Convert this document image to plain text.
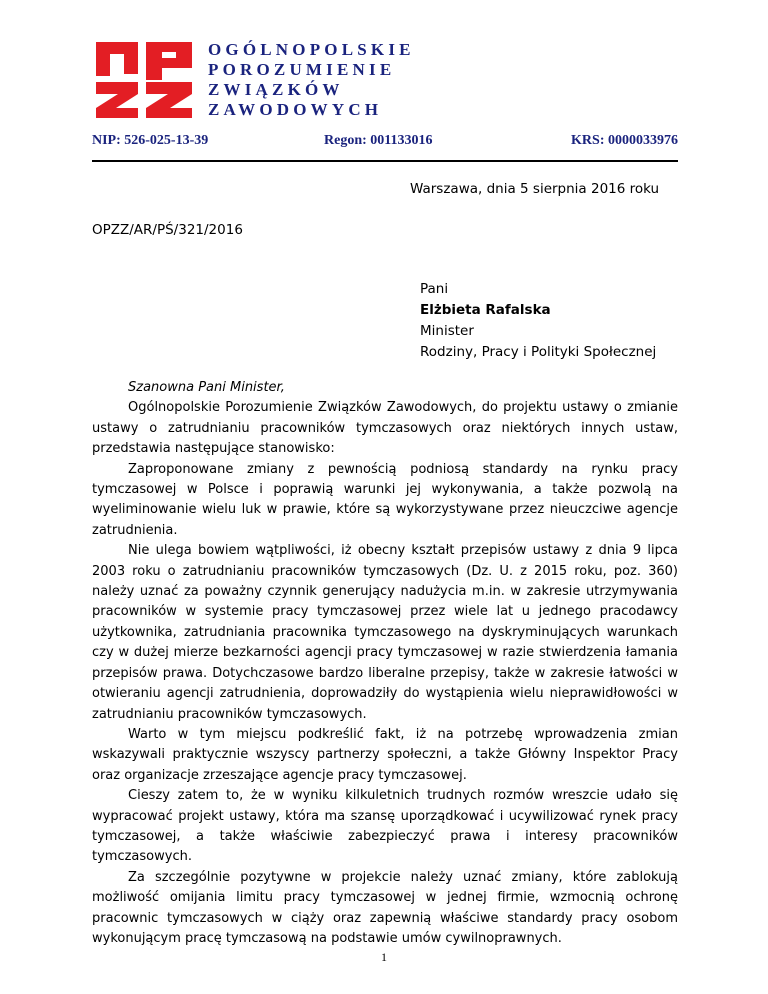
OGÓLNOPOLSKIE
POROZUMIENIE
ZWIĄZKÓW
ZAWODOWYCH
NIP: 526-025-13-39	Regon: 001133016	KRS: 0000033976
Warszawa, dnia 5 sierpnia 2016 roku
OPZZ/AR/PŚ/321/2016
Pani
Elżbieta Rafalska
Minister
Rodziny, Pracy i Polityki Społecznej

Szanowna Pani Minister,

Ogólnopolskie Porozumienie Związków Zawodowych, do projektu ustawy o zmianie ustawy o zatrudnianiu pracowników tymczasowych oraz niektórych innych ustaw, przedstawia następujące stanowisko:

Zaproponowane zmiany z pewnością podniosą standardy na rynku pracy tymczasowej w Polsce i poprawią warunki jej wykonywania, a także pozwolą na wyeliminowanie wielu luk w prawie, które są wykorzystywane przez nieuczciwe agencje zatrudnienia.

Nie ulega bowiem wątpliwości, iż obecny kształt przepisów ustawy z dnia 9 lipca 2003 roku o zatrudnianiu pracowników tymczasowych (Dz. U. z 2015 roku, poz. 360) należy uznać za poważny czynnik generujący nadużycia m.in. w zakresie utrzymywania pracowników w systemie pracy tymczasowej przez wiele lat u jednego pracodawcy użytkownika, zatrudniania pracownika tymczasowego na dyskryminujących warunkach czy w dużej mierze bezkarności agencji pracy tymczasowej w razie stwierdzenia łamania przepisów prawa. Dotychczasowe bardzo liberalne przepisy, także w zakresie łatwości w otwieraniu agencji zatrudnienia, doprowadziły do wystąpienia wielu nieprawidłowości w zatrudnianiu pracowników tymczasowych.

Warto w tym miejscu podkreślić fakt, iż na potrzebę wprowadzenia zmian wskazywali praktycznie wszyscy partnerzy społeczni, a także Główny Inspektor Pracy oraz organizacje zrzeszające agencje pracy tymczasowej.

Cieszy zatem to, że w wyniku kilkuletnich trudnych rozmów wreszcie udało się wypracować projekt ustawy, która ma szansę uporządkować i ucywilizować rynek pracy tymczasowej, a także właściwie zabezpieczyć prawa i interesy pracowników tymczasowych.

Za szczególnie pozytywne w projekcie należy uznać zmiany, które zablokują możliwość omijania limitu pracy tymczasowej w jednej firmie, wzmocnią ochronę pracownic tymczasowych w ciąży oraz zapewnią właściwe standardy pracy osobom wykonującym pracę tymczasową na podstawie umów cywilnoprawnych.

1
